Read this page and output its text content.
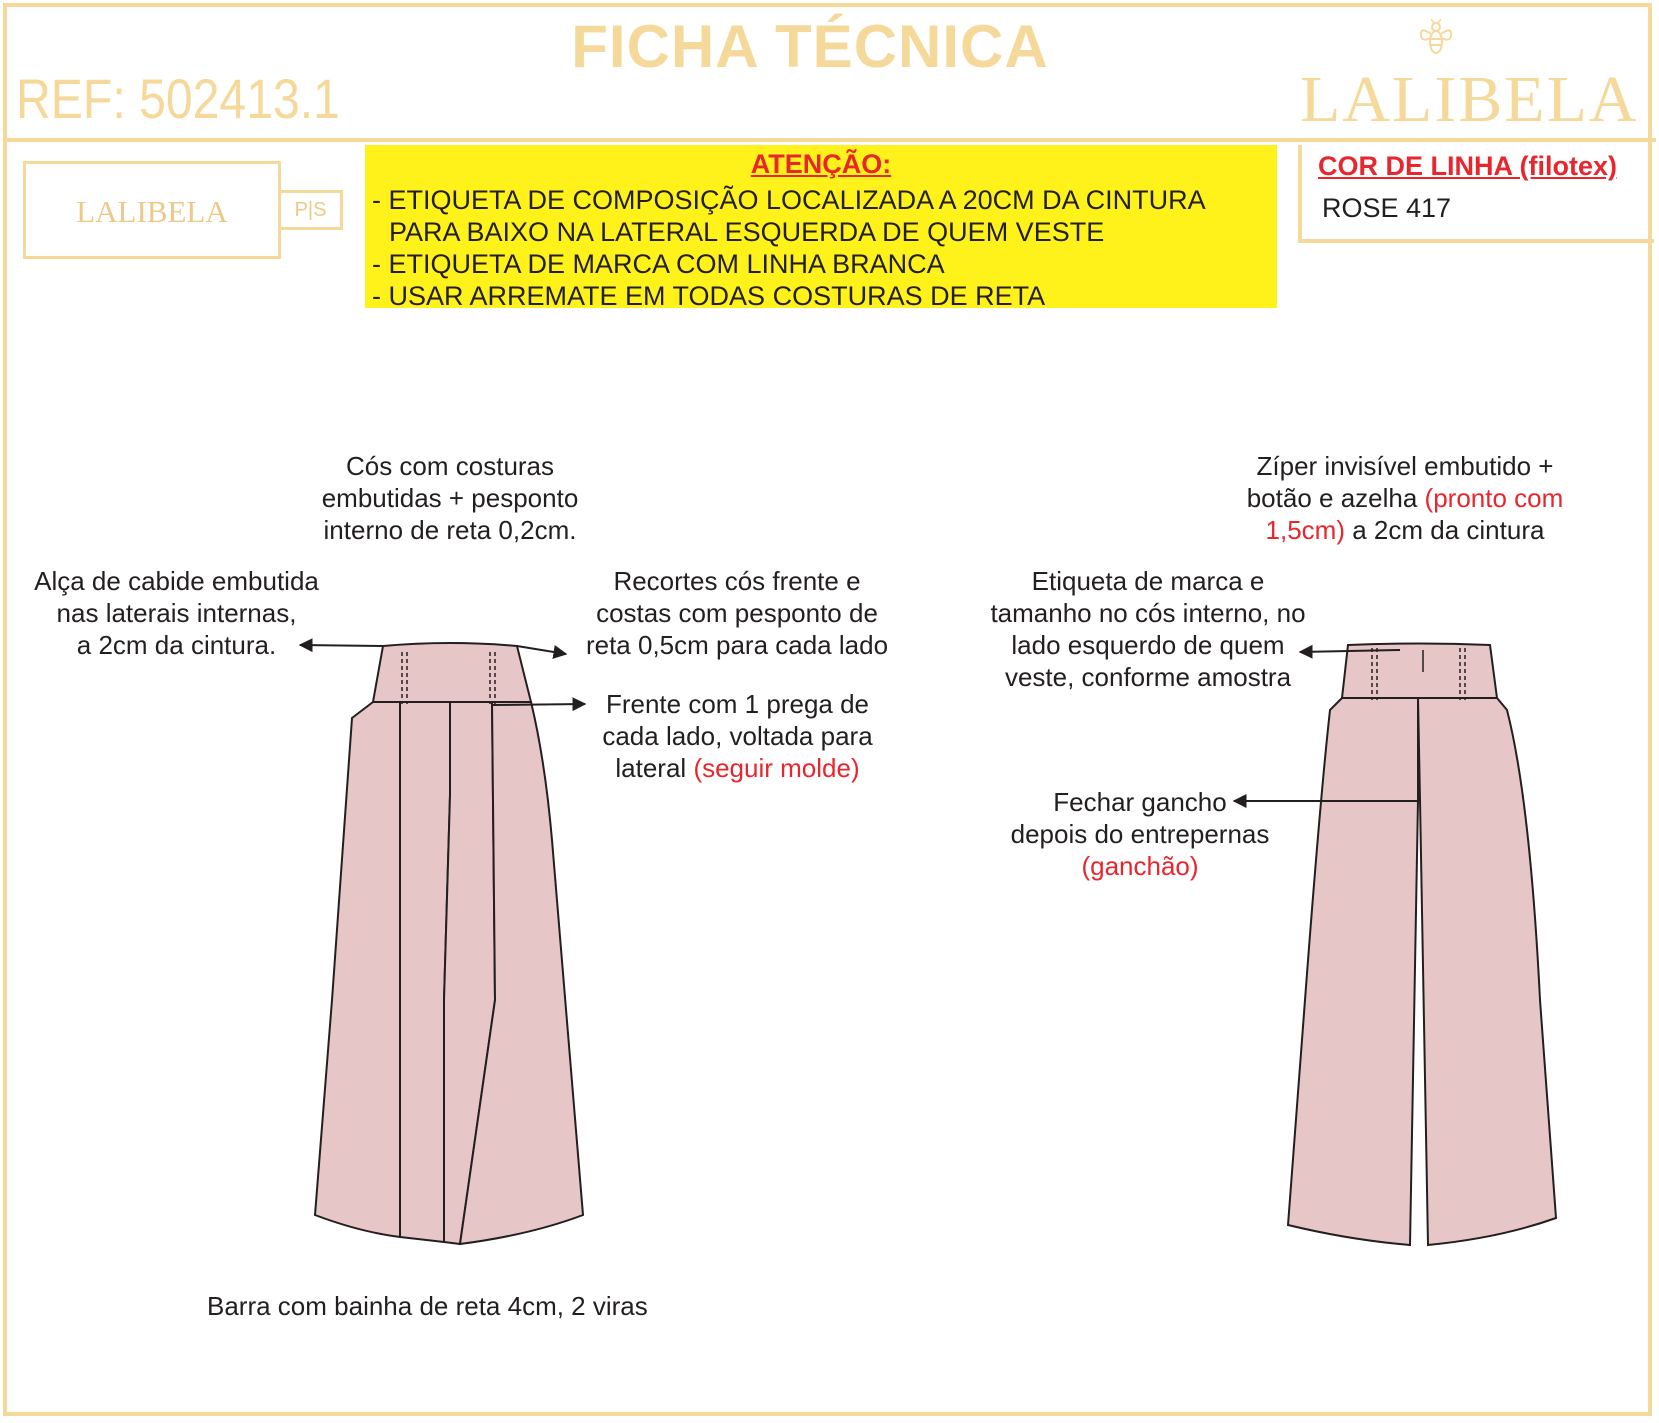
FICHA TÉCNICA
REF: 502413.1	LALIBELA
LALIBELA	P|S
ATENÇÃO:
- ETIQUETA DE COMPOSIÇÃO LOCALIZADA A 20CM DA CINTURA
PARA BAIXO NA LATERAL ESQUERDA DE QUEM VESTE
- ETIQUETA DE MARCA COM LINHA BRANCA
- USAR ARREMATE EM TODAS COSTURAS DE RETA
COR DE LINHA (filotex)
ROSE 417
Cós com costuras
embutidas + pesponto
interno de reta 0,2cm.
Alça de cabide embutida
nas laterais internas,
a 2cm da cintura.
Recortes cós frente e
costas com pesponto de
reta 0,5cm para cada lado
Frente com 1 prega de
cada lado, voltada para
lateral (seguir molde)
Barra com bainha de reta 4cm, 2 viras
Zíper invisível embutido +
botão e azelha (pronto com
1,5cm) a 2cm da cintura
Etiqueta de marca e
tamanho no cós interno, no
lado esquerdo de quem
veste, conforme amostra
Fechar gancho
depois do entrepernas
(ganchão)
